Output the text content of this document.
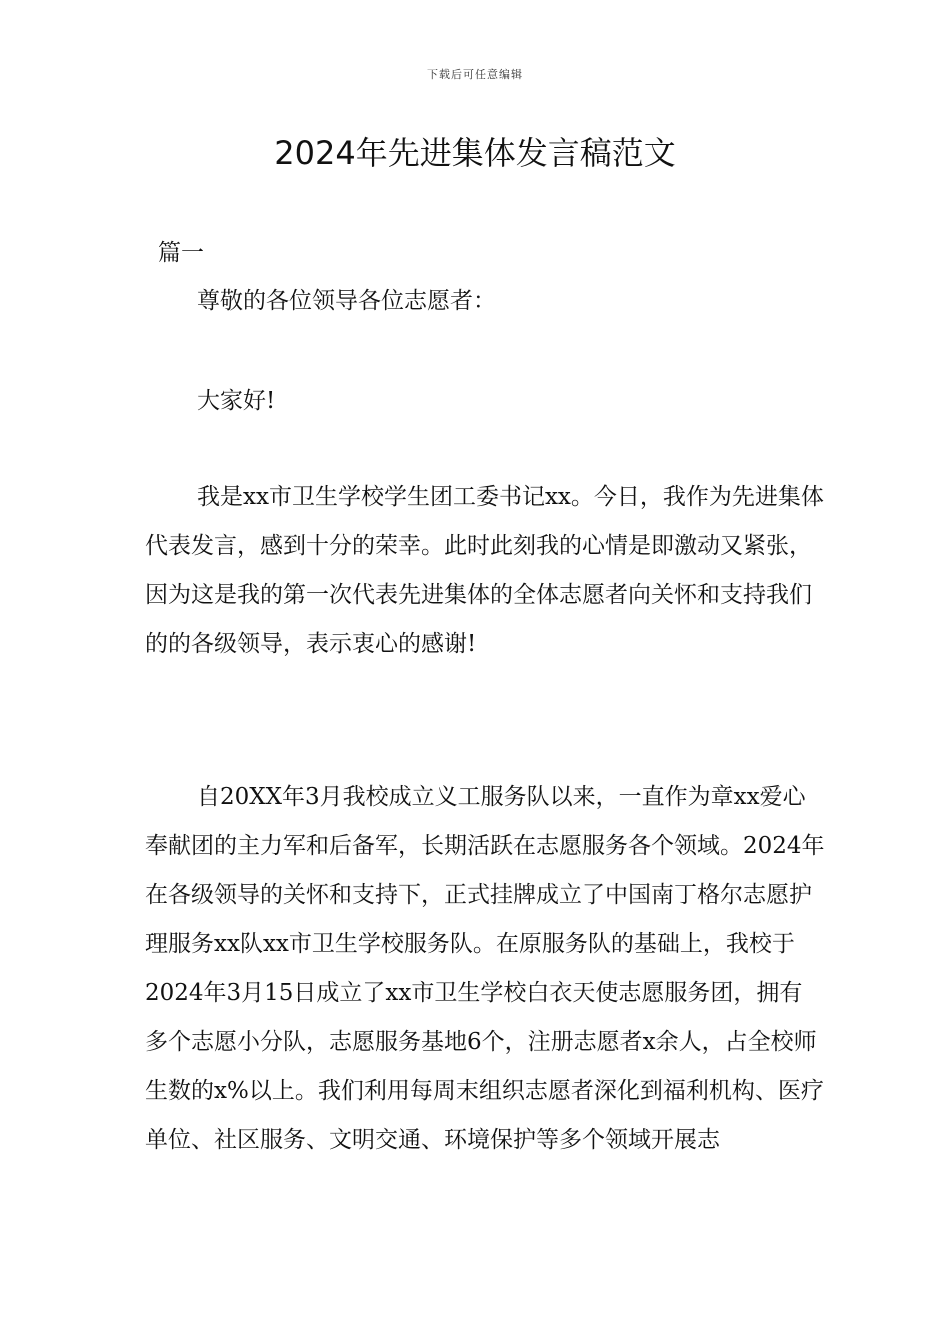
下载后可任意编辑
2024年先进集体发言稿范文
篇一

尊敬的各位领导各位志愿者：

大家好!

我是xx市卫生学校学生团工委书记xx。今日，我作为先进集体代表发言，感到十分的荣幸。此时此刻我的心情是即激动又紧张，因为这是我的第一次代表先进集体的全体志愿者向关怀和支持我们的的各级领导，表示衷心的感谢!

自20XX年3月我校成立义工服务队以来，一直作为章xx爱心奉献团的主力军和后备军，长期活跃在志愿服务各个领域。2024年在各级领导的关怀和支持下，正式挂牌成立了中国南丁格尔志愿护理服务xx队xx市卫生学校服务队。在原服务队的基础上，我校于2024年3月15日成立了xx市卫生学校白衣天使志愿服务团，拥有多个志愿小分队，志愿服务基地6个，注册志愿者x余人，占全校师生数的x%以上。我们利用每周末组织志愿者深化到福利机构、医疗单位、社区服务、文明交通、环境保护等多个领域开展志
